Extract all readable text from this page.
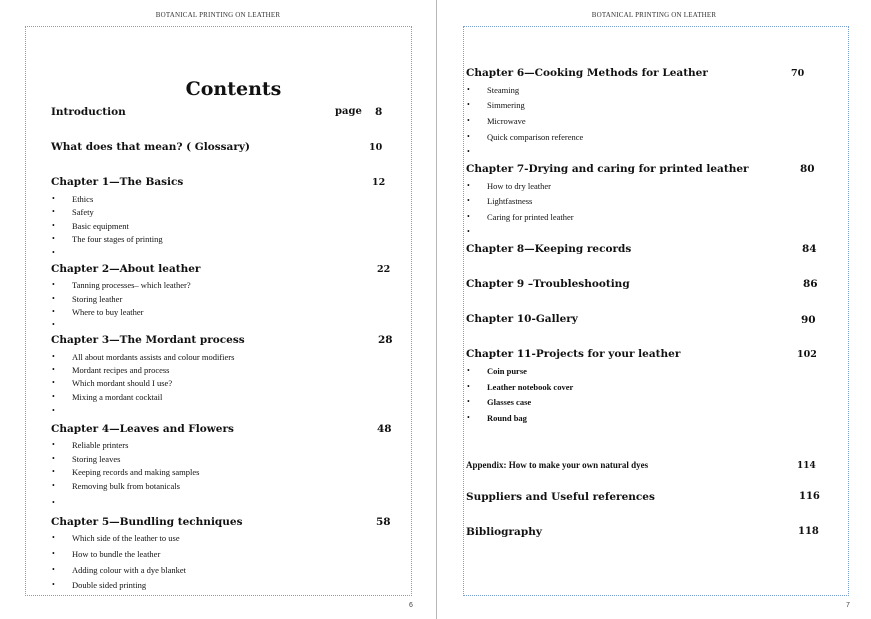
BOTANICAL PRINTING ON LEATHER
Contents
Introduction	page 8
What does that mean? ( Glossary)	10
Chapter 1—The Basics	12
• Ethics
• Safety
• Basic equipment
• The four stages of printing
•
Chapter 2—About leather	22
• Tanning processes– which leather?
• Storing leather
• Where to buy leather
•
Chapter 3—The Mordant process	28
• All about mordants assists and colour modifiers
• Mordant recipes and process
• Which mordant should I use?
• Mixing a mordant cocktail
•
Chapter 4—Leaves and Flowers	48
• Reliable printers
• Storing leaves
• Keeping records and making samples
• Removing bulk from botanicals
•
Chapter 5—Bundling techniques	58
• Which side of the leather to use
• How to bundle the leather
• Adding colour with a dye blanket
• Double sided printing
6
BOTANICAL PRINTING ON LEATHER
Chapter 6—Cooking Methods for Leather	70
• Steaming
• Simmering
• Microwave
• Quick comparison reference
•
Chapter 7-Drying and caring for printed leather	80
• How to dry leather
• Lightfastness
• Caring for printed leather
•
Chapter 8—Keeping records	84
Chapter 9 –Troubleshooting	86
Chapter 10-Gallery	90
Chapter 11-Projects for your leather	102
• Coin purse
• Leather notebook cover
• Glasses case
• Round bag
Appendix: How to make your own natural dyes	114
Suppliers and Useful references	116
Bibliography	118
7
